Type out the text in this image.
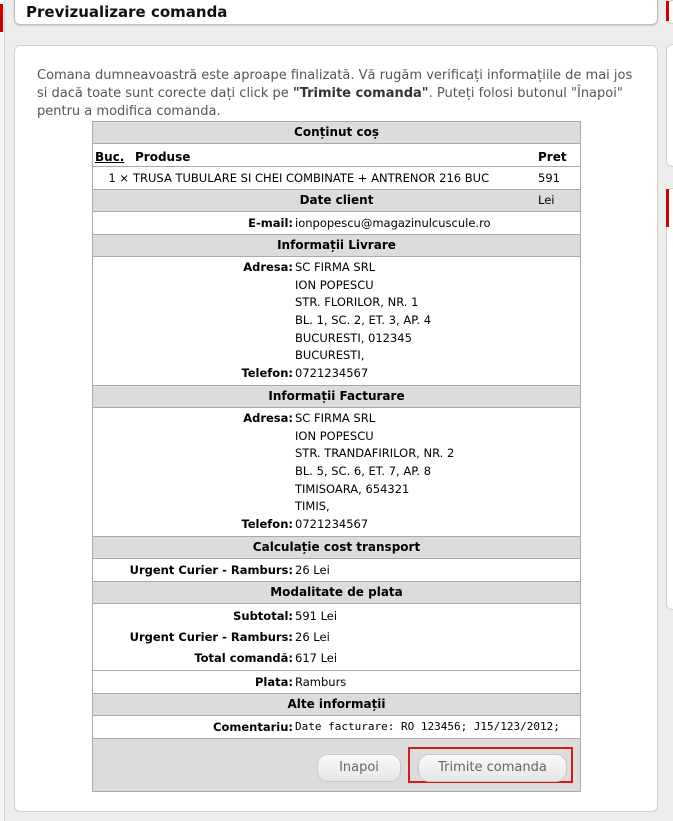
Previzualizare comanda
Comana dumneavoastră este aproape finalizată. Vă rugăm verificați informațiile de mai jos si dacă toate sunt corecte dați click pe "Trimite comanda". Puteți folosi butonul "Înapoi" pentru a modifica comanda.
Conținut coș
Buc. Produse	Pret
1 × TRUSA TUBULARE SI CHEI COMBINATE + ANTRENOR 216 BUC	591 Lei
Date client
E-mail: ionpopescu@magazinulcuscule.ro
Informații Livrare
Adresa: SC FIRMA SRL
ION POPESCU
STR. FLORILOR, NR. 1
BL. 1, SC. 2, ET. 3, AP. 4
BUCURESTI, 012345
BUCURESTI,
Telefon: 0721234567
Informații Facturare
Adresa: SC FIRMA SRL
ION POPESCU
STR. TRANDAFIRILOR, NR. 2
BL. 5, SC. 6, ET. 7, AP. 8
TIMISOARA, 654321
TIMIS,
Telefon: 0721234567
Calculație cost transport
Urgent Curier - Ramburs: 26 Lei
Modalitate de plata
Subtotal: 591 Lei
Urgent Curier - Ramburs: 26 Lei
Total comandă: 617 Lei
Plata: Ramburs
Alte informații
Comentariu: Date facturare: RO 123456; J15/123/2012;
Inapoi	Trimite comanda
